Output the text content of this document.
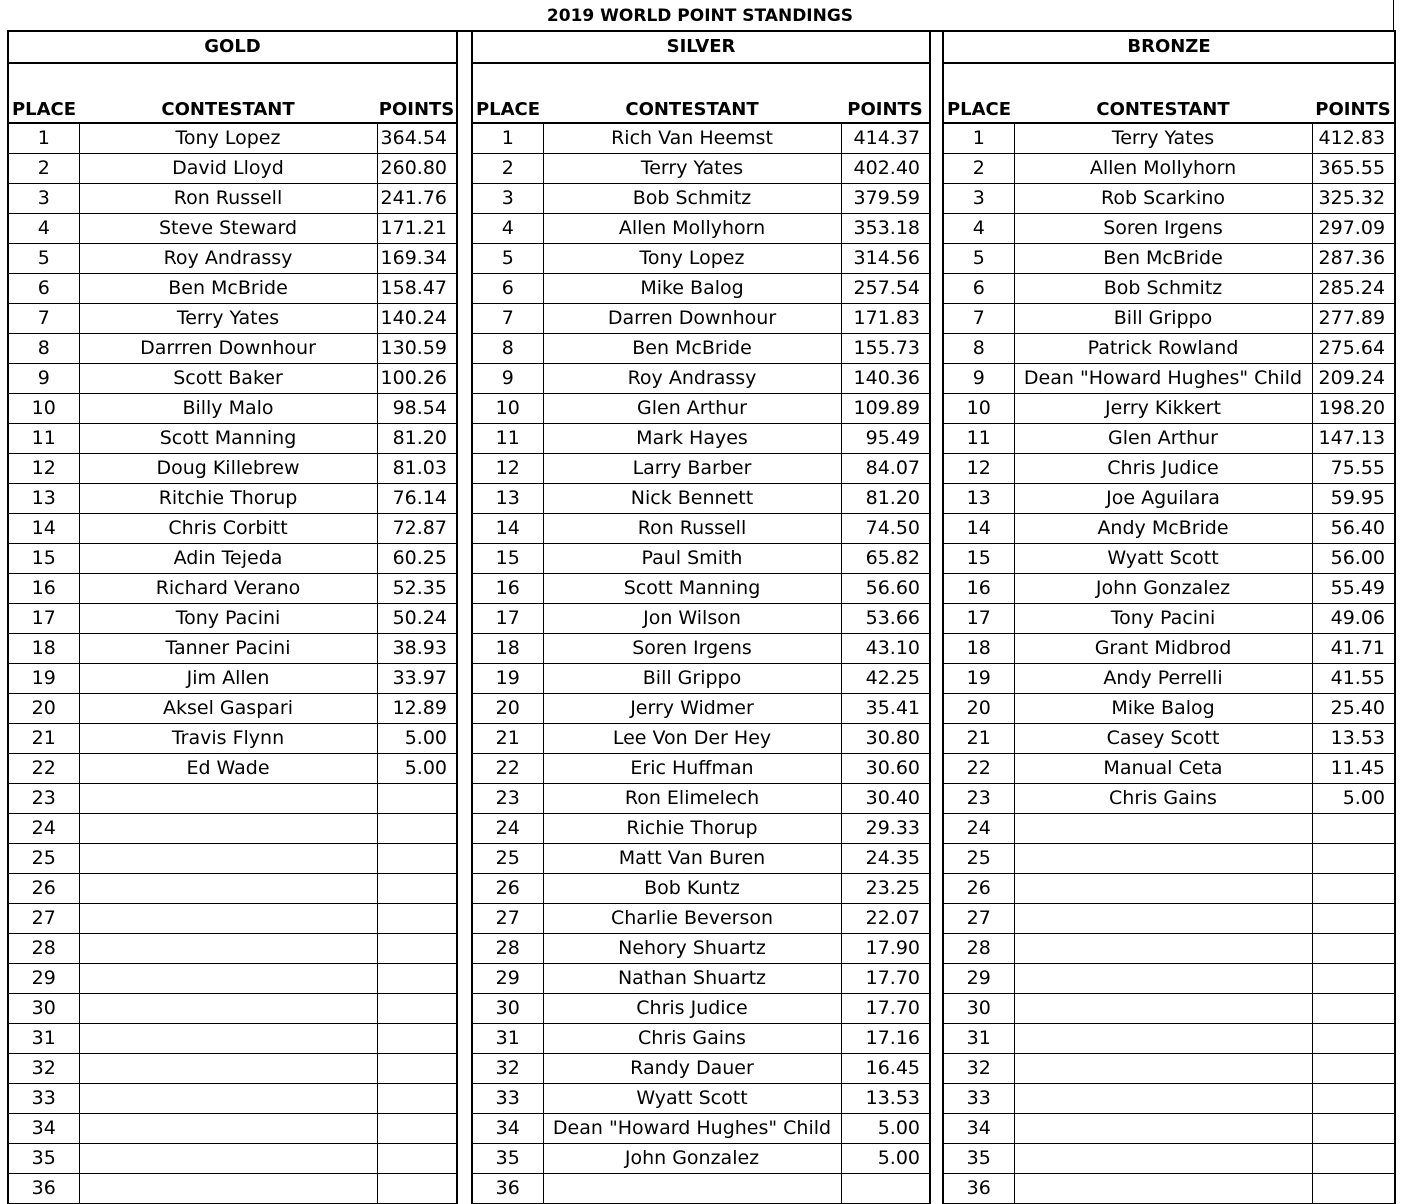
2019 WORLD POINT STANDINGS
GOLD		
PLACE	CONTESTANT	POINTS
1	Tony Lopez	364.54
2	David Lloyd	260.80
3	Ron Russell	241.76
4	Steve Steward	171.21
5	Roy Andrassy	169.34
6	Ben McBride	158.47
7	Terry Yates	140.24
8	Darrren Downhour	130.59
9	Scott Baker	100.26
10	Billy Malo	98.54
11	Scott Manning	81.20
12	Doug Killebrew	81.03
13	Ritchie Thorup	76.14
14	Chris Corbitt	72.87
15	Adin Tejeda	60.25
16	Richard Verano	52.35
17	Tony Pacini	50.24
18	Tanner Pacini	38.93
19	Jim Allen	33.97
20	Aksel Gaspari	12.89
21	Travis Flynn	5.00
22	Ed Wade	5.00
23		
24		
25		
26		
27		
28		
29		
30		
31		
32		
33		
34		
35		
36		
SILVER		
PLACE	CONTESTANT	POINTS
1	Rich Van Heemst	414.37
2	Terry Yates	402.40
3	Bob Schmitz	379.59
4	Allen Mollyhorn	353.18
5	Tony Lopez	314.56
6	Mike Balog	257.54
7	Darren Downhour	171.83
8	Ben McBride	155.73
9	Roy Andrassy	140.36
10	Glen Arthur	109.89
11	Mark Hayes	95.49
12	Larry Barber	84.07
13	Nick Bennett	81.20
14	Ron Russell	74.50
15	Paul Smith	65.82
16	Scott Manning	56.60
17	Jon Wilson	53.66
18	Soren Irgens	43.10
19	Bill Grippo	42.25
20	Jerry Widmer	35.41
21	Lee Von Der Hey	30.80
22	Eric Huffman	30.60
23	Ron Elimelech	30.40
24	Richie Thorup	29.33
25	Matt Van Buren	24.35
26	Bob Kuntz	23.25
27	Charlie Beverson	22.07
28	Nehory Shuartz	17.90
29	Nathan Shuartz	17.70
30	Chris Judice	17.70
31	Chris Gains	17.16
32	Randy Dauer	16.45
33	Wyatt Scott	13.53
34	Dean "Howard Hughes" Child	5.00
35	John Gonzalez	5.00
36		
BRONZE		
PLACE	CONTESTANT	POINTS
1	Terry Yates	412.83
2	Allen Mollyhorn	365.55
3	Rob Scarkino	325.32
4	Soren Irgens	297.09
5	Ben McBride	287.36
6	Bob Schmitz	285.24
7	Bill Grippo	277.89
8	Patrick Rowland	275.64
9	Dean "Howard Hughes" Child	209.24
10	Jerry Kikkert	198.20
11	Glen Arthur	147.13
12	Chris Judice	75.55
13	Joe Aguilara	59.95
14	Andy McBride	56.40
15	Wyatt Scott	56.00
16	John Gonzalez	55.49
17	Tony Pacini	49.06
18	Grant Midbrod	41.71
19	Andy Perrelli	41.55
20	Mike Balog	25.40
21	Casey Scott	13.53
22	Manual Ceta	11.45
23	Chris Gains	5.00
24		
25		
26		
27		
28		
29		
30		
31		
32		
33		
34		
35		
36		
